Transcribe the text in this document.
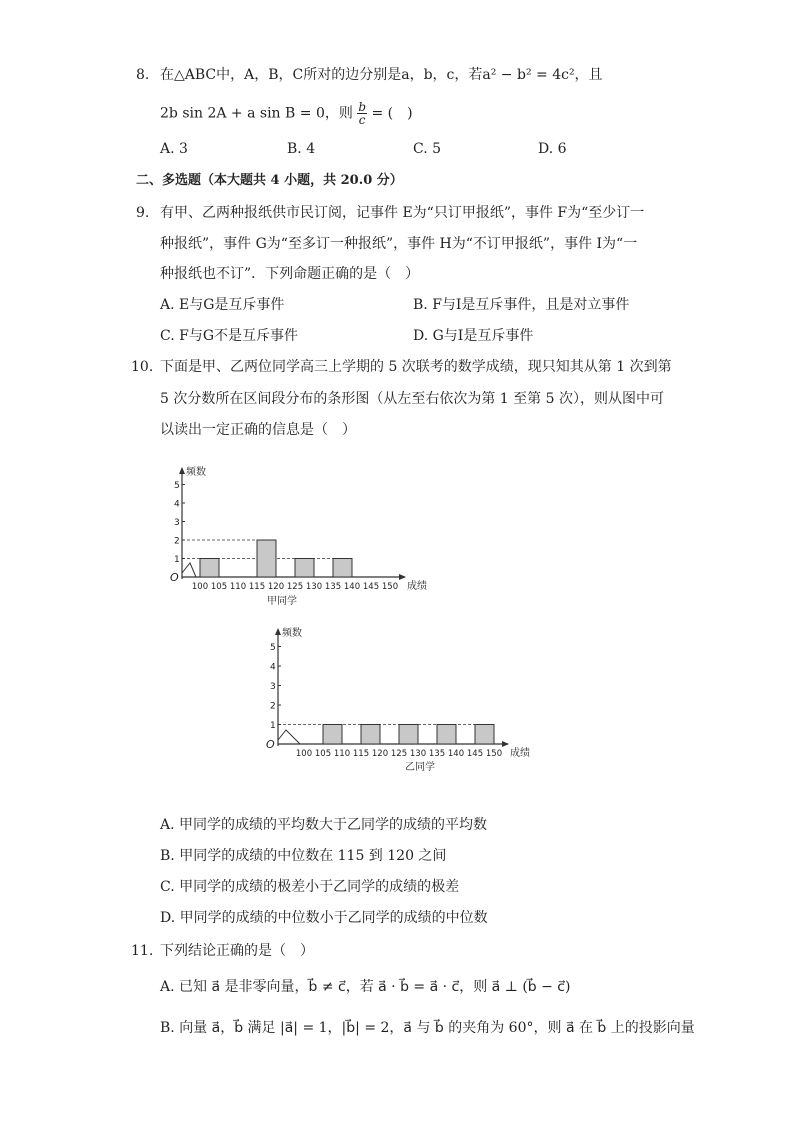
8. 在△ABC中，A，B，C所对的边分别是a，b，c，若a² − b² = 4c²，且
2b sin 2A + a sin B = 0，则 $\frac{b}{c}$ = (　)
A. 3	B. 4	C. 5	D. 6
二、多选题（本大题共 4 小题，共 20.0 分）
9. 有甲、乙两种报纸供市民订阅，记事件 E为“只订甲报纸”，事件 F为“至少订一
种报纸”，事件 G为“至多订一种报纸”，事件 H为“不订甲报纸”，事件 I为“一
种报纸也不订”．下列命题正确的是（　）
A. E与G是互斥事件	B. F与I是互斥事件，且是对立事件
C. F与G不是互斥事件	D. G与I是互斥事件
10. 下面是甲、乙两位同学高三上学期的 5 次联考的数学成绩，现只知其从第 1 次到第
5 次分数所在区间段分布的条形图（从左至右依次为第 1 至第 5 次），则从图中可
以读出一定正确的信息是（　）
O
频数
1
2
3
4
5
100 105 110 115 120 125 130 135 140 145 150 成绩
甲同学
O
频数
1
2
3
4
5
100 105 110 115 120 125 130 135 140 145 150 成绩
乙同学
A. 甲同学的成绩的平均数大于乙同学的成绩的平均数
B. 甲同学的成绩的中位数在 115 到 120 之间
C. 甲同学的成绩的极差小于乙同学的成绩的极差
D. 甲同学的成绩的中位数小于乙同学的成绩的中位数
11. 下列结论正确的是（　）
A. 已知 a⃗ 是非零向量，b⃗ ≠ c⃗，若 a⃗ · b⃗ = a⃗ · c⃗，则 a⃗ ⊥ (b⃗ − c⃗)
B. 向量 a⃗，b⃗ 满足 |a⃗| = 1，|b⃗| = 2，a⃗ 与 b⃗ 的夹角为 60°，则 a⃗ 在 b⃗ 上的投影向量
